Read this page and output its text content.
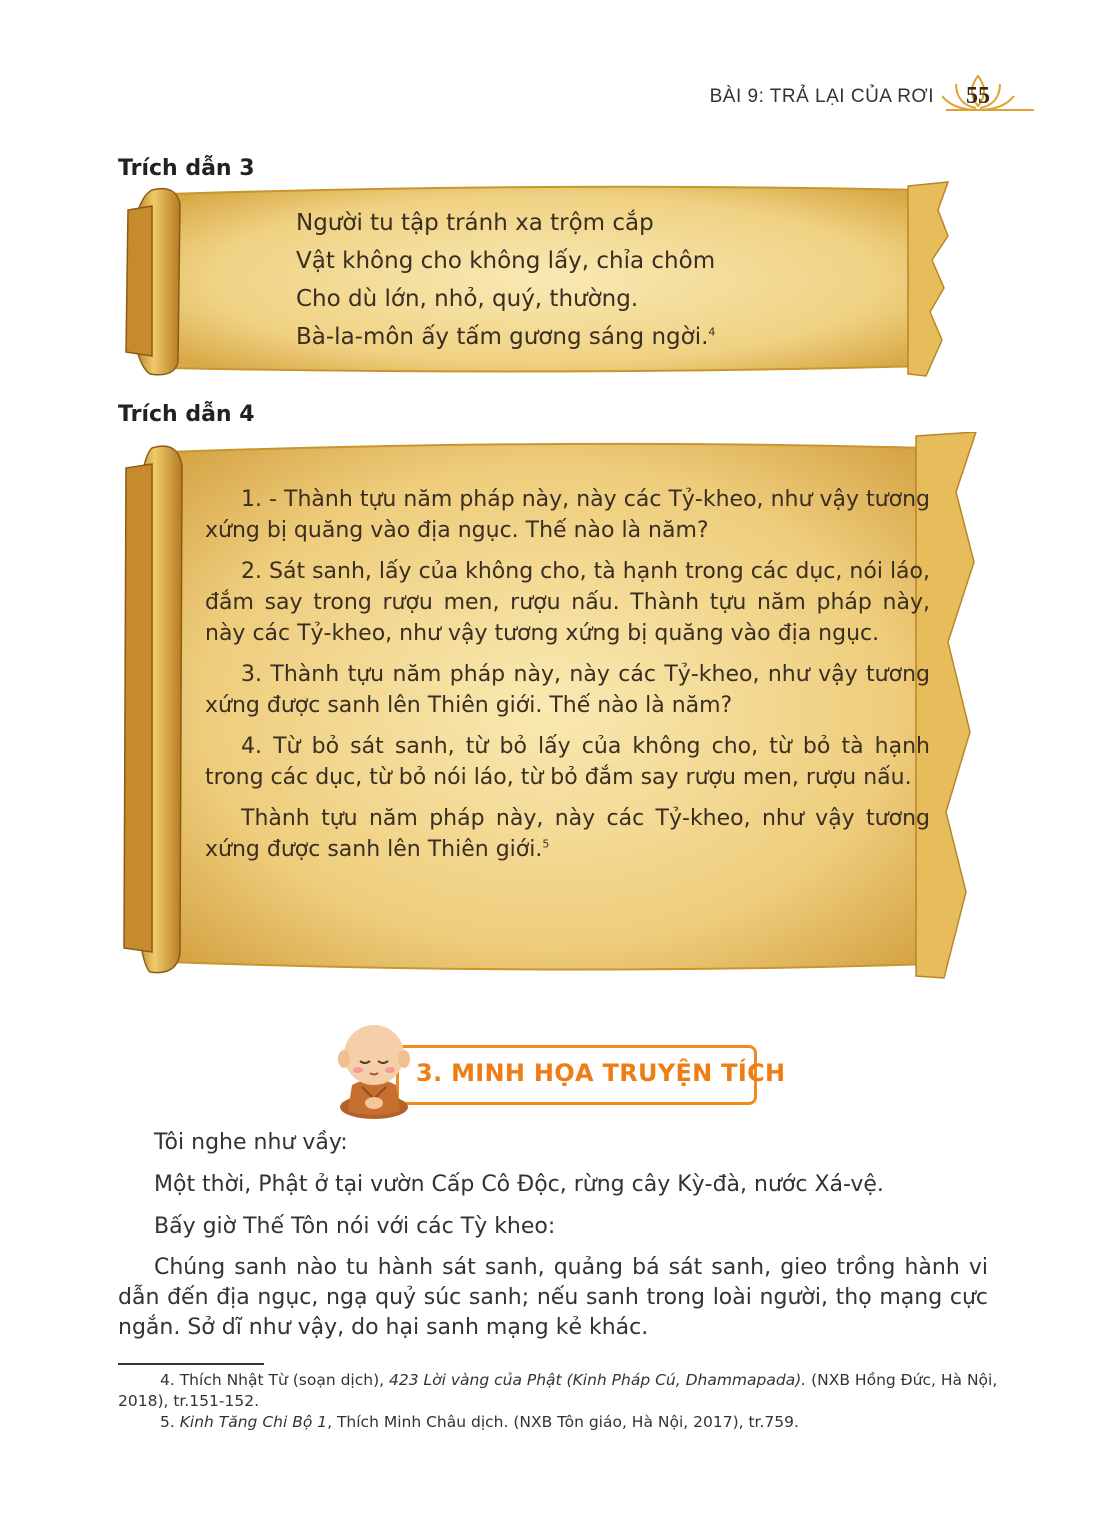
BÀI 9: TRẢ LẠI CỦA RƠI	55
Trích dẫn 3
Người tu tập tránh xa trộm cắp
Vật không cho không lấy, chỉa chôm
Cho dù lớn, nhỏ, quý, thường.
Bà-la-môn ấy tấm gương sáng ngời.$^4$
Trích dẫn 4

1. - Thành tựu năm pháp này, này các Tỷ-kheo, như vậy tương xứng bị quăng vào địa ngục. Thế nào là năm?

2. Sát sanh, lấy của không cho, tà hạnh trong các dục, nói láo, đắm say trong rượu men, rượu nấu. Thành tựu năm pháp này, này các Tỷ-kheo, như vậy tương xứng bị quăng vào địa ngục.

3. Thành tựu năm pháp này, này các Tỷ-kheo, như vậy tương xứng được sanh lên Thiên giới. Thế nào là năm?

4. Từ bỏ sát sanh, từ bỏ lấy của không cho, từ bỏ tà hạnh trong các dục, từ bỏ nói láo, từ bỏ đắm say rượu men, rượu nấu.

Thành tựu năm pháp này, này các Tỷ-kheo, như vậy tương xứng được sanh lên Thiên giới.$^5$

3. MINH HỌA TRUYỆN TÍCH

Tôi nghe như vầy:

Một thời, Phật ở tại vườn Cấp Cô Độc, rừng cây Kỳ-đà, nước Xá-vệ.

Bấy giờ Thế Tôn nói với các Tỳ kheo:

Chúng sanh nào tu hành sát sanh, quảng bá sát sanh, gieo trồng hành vi dẫn đến địa ngục, ngạ quỷ súc sanh; nếu sanh trong loài người, thọ mạng cực ngắn. Sở dĩ như vậy, do hại sanh mạng kẻ khác.

4. Thích Nhật Từ (soạn dịch), 423 Lời vàng của Phật (Kinh Pháp Cú, Dhammapada). (NXB Hồng Đức, Hà Nội, 2018), tr.151-152.

5. Kinh Tăng Chi Bộ 1, Thích Minh Châu dịch. (NXB Tôn giáo, Hà Nội, 2017), tr.759.
